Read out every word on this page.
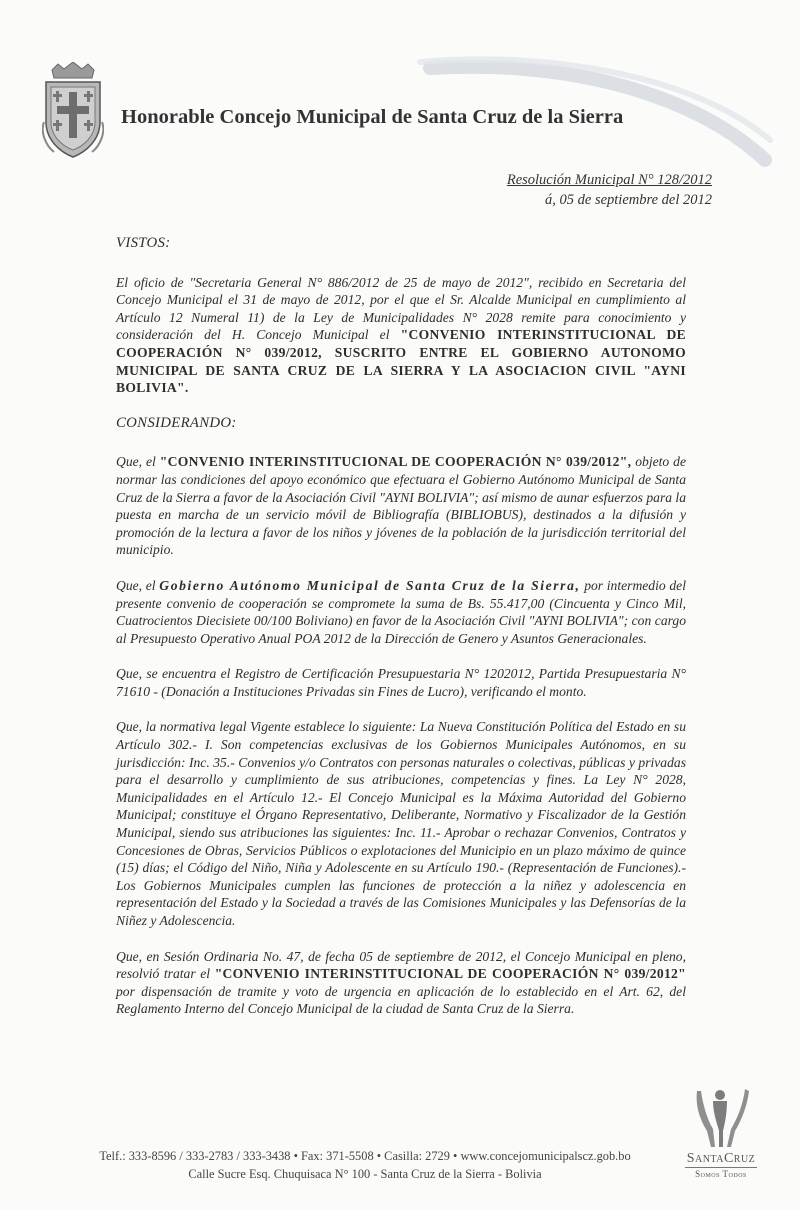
Honorable Concejo Municipal de Santa Cruz de la Sierra
Resolución Municipal N° 128/2012
á, 05 de septiembre del 2012

VISTOS:

El oficio de "Secretaria General N° 886/2012 de 25 de mayo de 2012", recibido en Secretaria del Concejo Municipal el 31 de mayo de 2012, por el que el Sr. Alcalde Municipal en cumplimiento al Artículo 12 Numeral 11) de la Ley de Municipalidades N° 2028 remite para conocimiento y consideración del H. Concejo Municipal el "CONVENIO INTERINSTITUCIONAL DE COOPERACIÓN N° 039/2012, SUSCRITO ENTRE EL GOBIERNO AUTONOMO MUNICIPAL DE SANTA CRUZ DE LA SIERRA Y LA ASOCIACION CIVIL "AYNI BOLIVIA".

CONSIDERANDO:

Que, el "CONVENIO INTERINSTITUCIONAL DE COOPERACIÓN N° 039/2012", objeto de normar las condiciones del apoyo económico que efectuara el Gobierno Autónomo Municipal de Santa Cruz de la Sierra a favor de la Asociación Civil "AYNI BOLIVIA"; así mismo de aunar esfuerzos para la puesta en marcha de un servicio móvil de Bibliografía (BIBLIOBUS), destinados a la difusión y promoción de la lectura a favor de los niños y jóvenes de la población de la jurisdicción territorial del municipio.

Que, el Gobierno Autónomo Municipal de Santa Cruz de la Sierra, por intermedio del presente convenio de cooperación se compromete la suma de Bs. 55.417,00 (Cincuenta y Cinco Mil, Cuatrocientos Diecisiete 00/100 Boliviano) en favor de la Asociación Civil "AYNI BOLIVIA"; con cargo al Presupuesto Operativo Anual POA 2012 de la Dirección de Genero y Asuntos Generacionales.

Que, se encuentra el Registro de Certificación Presupuestaria N° 1202012, Partida Presupuestaria N° 71610 - (Donación a Instituciones Privadas sin Fines de Lucro), verificando el monto.

Que, la normativa legal Vigente establece lo siguiente: La Nueva Constitución Política del Estado en su Artículo 302.- I. Son competencias exclusivas de los Gobiernos Municipales Autónomos, en su jurisdicción: Inc. 35.- Convenios y/o Contratos con personas naturales o colectivas, públicas y privadas para el desarrollo y cumplimiento de sus atribuciones, competencias y fines. La Ley N° 2028, Municipalidades en el Artículo 12.- El Concejo Municipal es la Máxima Autoridad del Gobierno Municipal; constituye el Órgano Representativo, Deliberante, Normativo y Fiscalizador de la Gestión Municipal, siendo sus atribuciones las siguientes: Inc. 11.- Aprobar o rechazar Convenios, Contratos y Concesiones de Obras, Servicios Públicos o explotaciones del Municipio en un plazo máximo de quince (15) días; el Código del Niño, Niña y Adolescente en su Artículo 190.- (Representación de Funciones).- Los Gobiernos Municipales cumplen las funciones de protección a la niñez y adolescencia en representación del Estado y la Sociedad a través de las Comisiones Municipales y las Defensorías de la Niñez y Adolescencia.

Que, en Sesión Ordinaria No. 47, de fecha 05 de septiembre de 2012, el Concejo Municipal en pleno, resolvió tratar el "CONVENIO INTERINSTITUCIONAL DE COOPERACIÓN N° 039/2012" por dispensación de tramite y voto de urgencia en aplicación de lo establecido en el Art. 62, del Reglamento Interno del Concejo Municipal de la ciudad de Santa Cruz de la Sierra.

SantaCruz
Somos Todos
Telf.: 333-8596 / 333-2783 / 333-3438 • Fax: 371-5508 • Casilla: 2729 • www.concejomunicipalscz.gob.bo
Calle Sucre Esq. Chuquisaca N° 100 - Santa Cruz de la Sierra - Bolivia
